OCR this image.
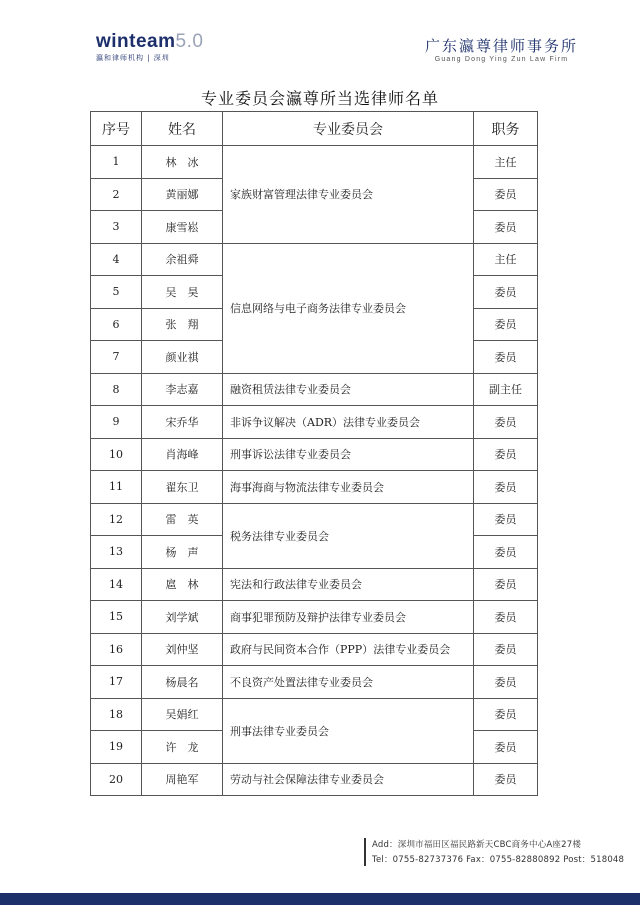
winteam5.0
瀛和律师机构 | 深圳
广东瀛尊律师事务所
Guang Dong Ying Zun Law Firm
专业委员会瀛尊所当选律师名单
序号	姓名	专业委员会	职务
1	林　冰	家族财富管理法律专业委员会	主任
2	黄丽娜		委员
3	康雪崧		委员
4	余祖舜	信息网络与电子商务法律专业委员会	主任
5	吴　昊		委员
6	张　翔		委员
7	颜业祺		委员
8	李志嘉	融资租赁法律专业委员会	副主任
9	宋乔华	非诉争议解决（ADR）法律专业委员会	委员
10	肖海峰	刑事诉讼法律专业委员会	委员
11	翟东卫	海事海商与物流法律专业委员会	委员
12	雷　英	税务法律专业委员会	委员
13	杨　声		委员
14	扈　林	宪法和行政法律专业委员会	委员
15	刘学斌	商事犯罪预防及辩护法律专业委员会	委员
16	刘仲坚	政府与民间资本合作（PPP）法律专业委员会	委员
17	杨晨名	不良资产处置法律专业委员会	委员
18	吴娟红	刑事法律专业委员会	委员
19	许　龙		委员
20	周艳军	劳动与社会保障法律专业委员会	委员
Add：深圳市福田区福民路新天CBC商务中心A座27楼
Tel：0755-82737376 Fax：0755-82880892 Post：518048
